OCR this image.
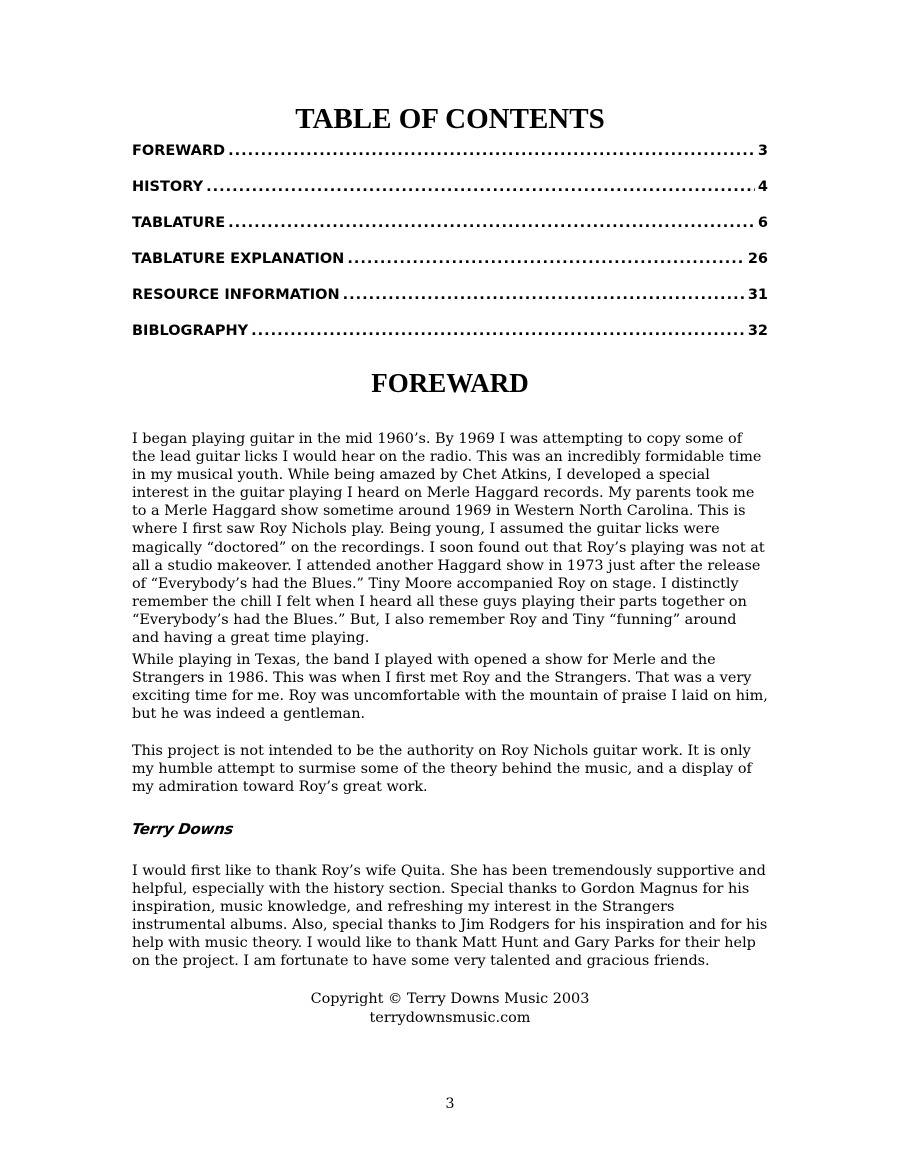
TABLE OF CONTENTS
FOREWARD .....	3
HISTORY .....	4
TABLATURE .....	6
TABLATURE EXPLANATION .....	26
RESOURCE INFORMATION .....	31
BIBLOGRAPHY .....	32
FOREWARD

I began playing guitar in the mid 1960’s. By 1969 I was attempting to copy some of the lead guitar licks I would hear on the radio. This was an incredibly formidable time in my musical youth. While being amazed by Chet Atkins, I developed a special interest in the guitar playing I heard on Merle Haggard records. My parents took me to a Merle Haggard show sometime around 1969 in Western North Carolina. This is where I first saw Roy Nichols play. Being young, I assumed the guitar licks were magically “doctored” on the recordings. I soon found out that Roy’s playing was not at all a studio makeover. I attended another Haggard show in 1973 just after the release of “Everybody’s had the Blues.” Tiny Moore accompanied Roy on stage. I distinctly remember the chill I felt when I heard all these guys playing their parts together on “Everybody’s had the Blues.” But, I also remember Roy and Tiny “funning” around and having a great time playing.

While playing in Texas, the band I played with opened a show for Merle and the Strangers in 1986. This was when I first met Roy and the Strangers. That was a very exciting time for me. Roy was uncomfortable with the mountain of praise I laid on him, but he was indeed a gentleman.

This project is not intended to be the authority on Roy Nichols guitar work. It is only my humble attempt to surmise some of the theory behind the music, and a display of my admiration toward Roy’s great work.

Terry Downs

I would first like to thank Roy’s wife Quita. She has been tremendously supportive and helpful, especially with the history section. Special thanks to Gordon Magnus for his inspiration, music knowledge, and refreshing my interest in the Strangers instrumental albums. Also, special thanks to Jim Rodgers for his inspiration and for his help with music theory. I would like to thank Matt Hunt and Gary Parks for their help on the project. I am fortunate to have some very talented and gracious friends.

Copyright © Terry Downs Music 2003
terrydownsmusic.com
3
